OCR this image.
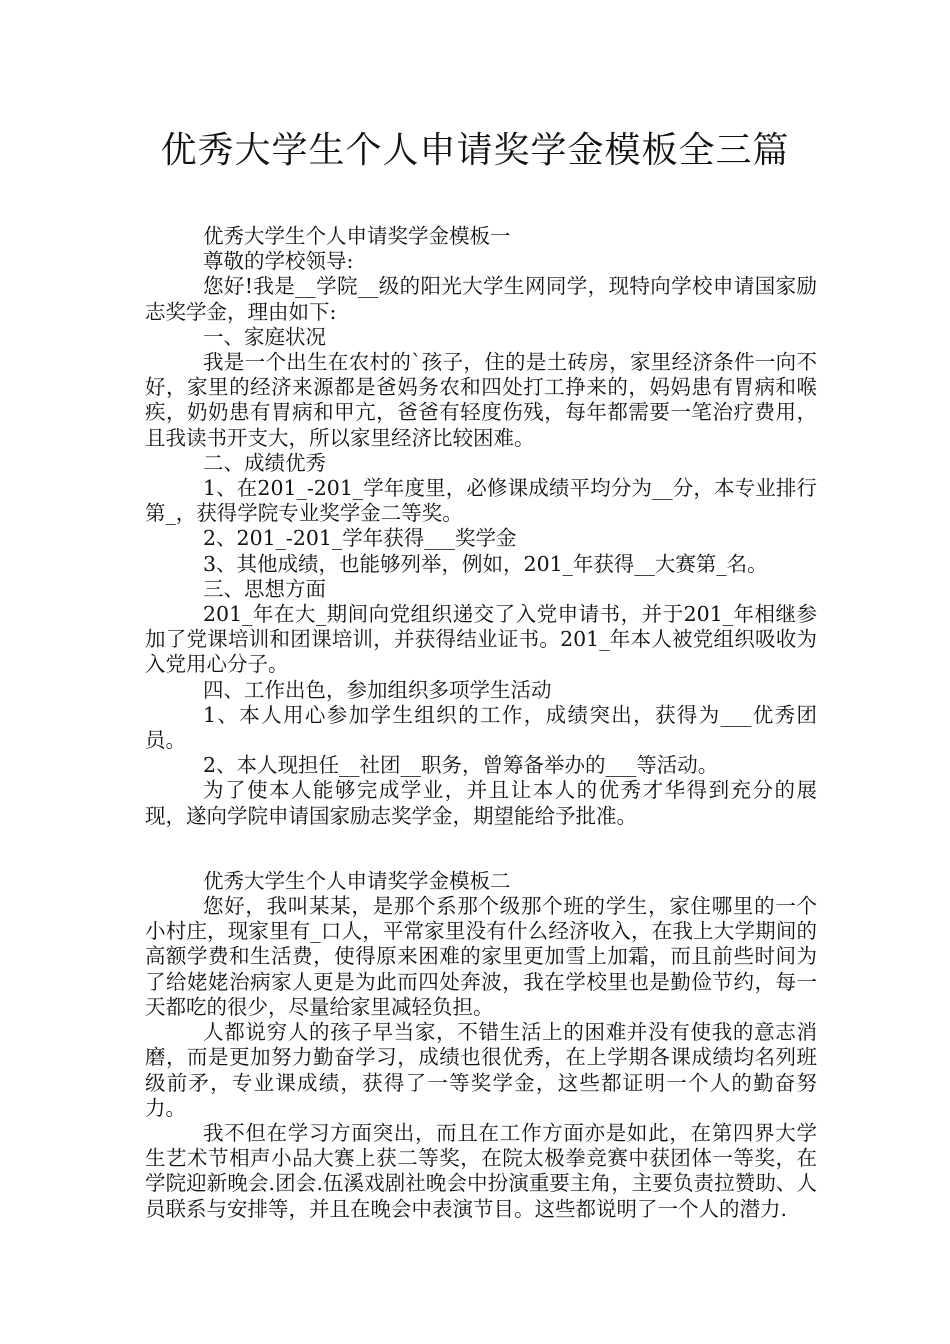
优秀大学生个人申请奖学金模板全三篇

优秀大学生个人申请奖学金模板一

尊敬的学校领导:

您好!我是__学院__级的阳光大学生网同学，现特向学校申请国家励志奖学金，理由如下:

一、家庭状况

我是一个出生在农村的`孩子，住的是土砖房，家里经济条件一向不好，家里的经济来源都是爸妈务农和四处打工挣来的，妈妈患有胃病和喉疾，奶奶患有胃病和甲亢，爸爸有轻度伤残，每年都需要一笔治疗费用，且我读书开支大，所以家里经济比较困难。

二、成绩优秀

1、在201_-201_学年度里，必修课成绩平均分为__分，本专业排行第_，获得学院专业奖学金二等奖。

2、201_-201_学年获得___奖学金

3、其他成绩，也能够列举，例如，201_年获得__大赛第_名。

三、思想方面

201_年在大_期间向党组织递交了入党申请书，并于201_年相继参加了党课培训和团课培训，并获得结业证书。201_年本人被党组织吸收为入党用心分子。

四、工作出色，参加组织多项学生活动

1、本人用心参加学生组织的工作，成绩突出，获得为___优秀团员。

2、本人现担任__社团__职务，曾筹备举办的___等活动。

为了使本人能够完成学业，并且让本人的优秀才华得到充分的展现，遂向学院申请国家励志奖学金，期望能给予批准。

优秀大学生个人申请奖学金模板二

您好，我叫某某，是那个系那个级那个班的学生，家住哪里的一个小村庄，现家里有_口人，平常家里没有什么经济收入，在我上大学期间的高额学费和生活费，使得原来困难的家里更加雪上加霜，而且前些时间为了给姥姥治病家人更是为此而四处奔波，我在学校里也是勤俭节约，每一天都吃的很少，尽量给家里减轻负担。

人都说穷人的孩子早当家，不错生活上的困难并没有使我的意志消磨，而是更加努力勤奋学习，成绩也很优秀，在上学期各课成绩均名列班级前矛，专业课成绩，获得了一等奖学金，这些都证明一个人的勤奋努力。

我不但在学习方面突出，而且在工作方面亦是如此，在第四界大学生艺术节相声小品大赛上获二等奖，在院太极拳竞赛中获团体一等奖，在学院迎新晚会.团会.伍溪戏剧社晚会中扮演重要主角，主要负责拉赞助、人员联系与安排等，并且在晚会中表演节目。这些都说明了一个人的潜力.
